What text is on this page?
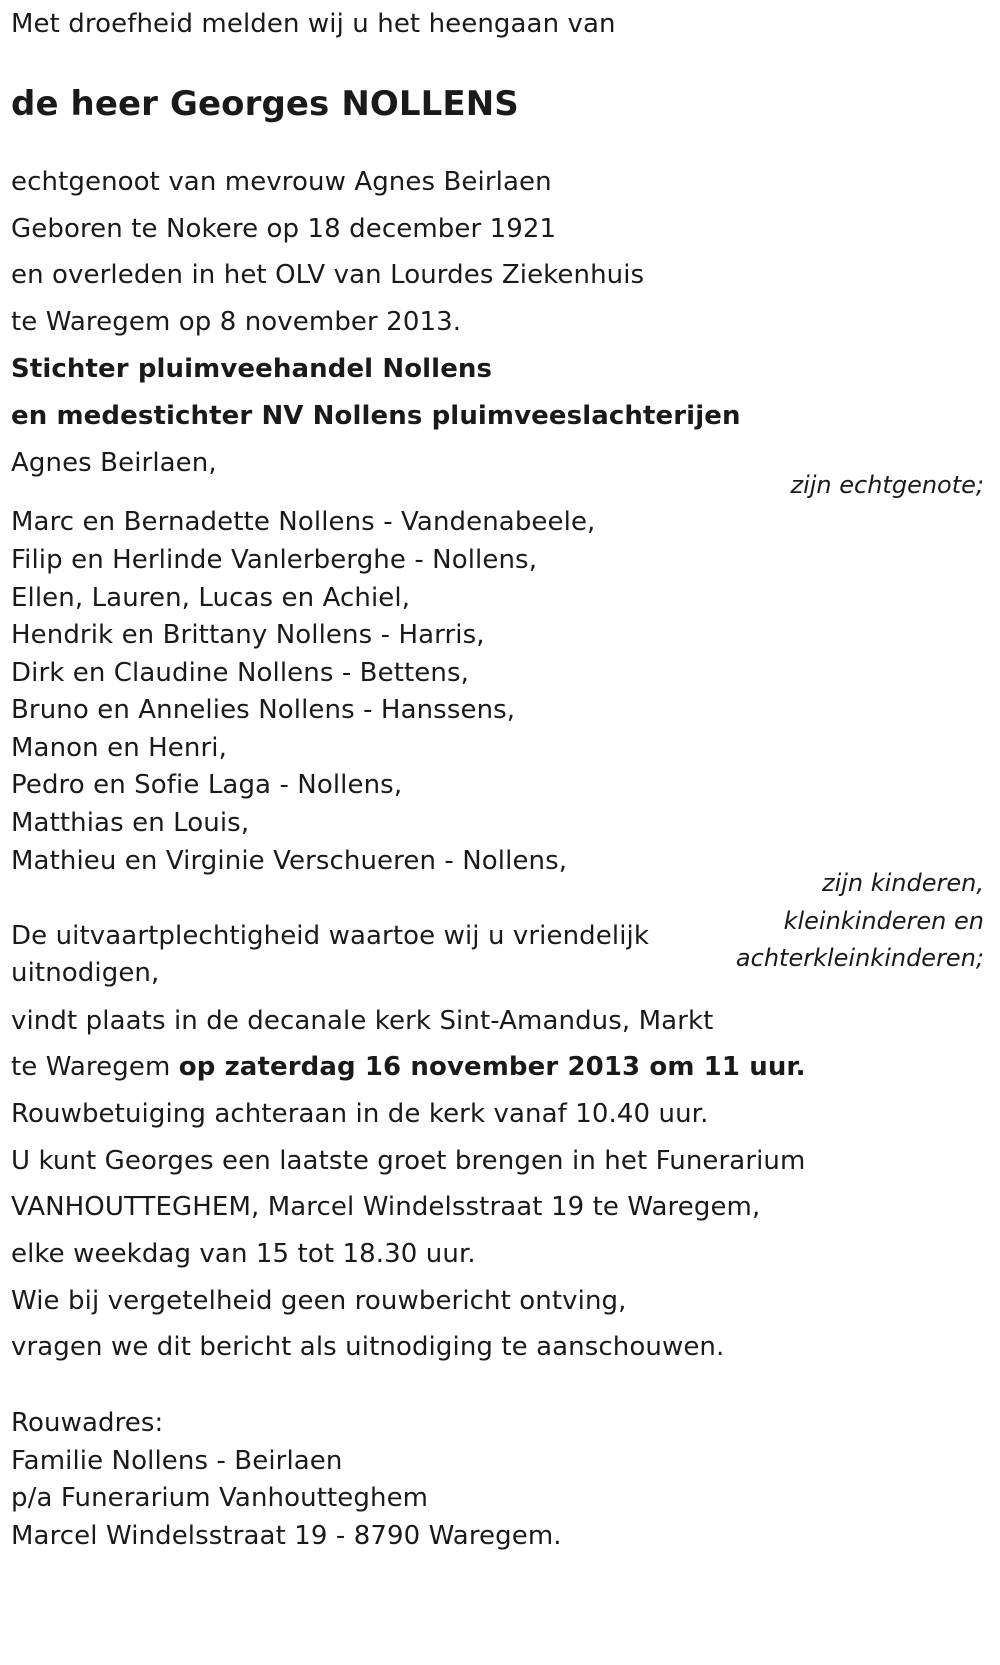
Met droefheid melden wij u het heengaan van

de heer Georges NOLLENS

echtgenoot van mevrouw Agnes Beirlaen

Geboren te Nokere op 18 december 1921

en overleden in het OLV van Lourdes Ziekenhuis

te Waregem op 8 november 2013.

Stichter pluimveehandel Nollens

en medestichter NV Nollens pluimveeslachterijen

Agnes Beirlaen,

zijn echtgenote;

Marc en Bernadette Nollens - Vandenabeele,

Filip en Herlinde Vanlerberghe - Nollens,

Ellen, Lauren, Lucas en Achiel,

Hendrik en Brittany Nollens - Harris,

Dirk en Claudine Nollens - Bettens,

Bruno en Annelies Nollens - Hanssens,

Manon en Henri,

Pedro en Sofie Laga - Nollens,

Matthias en Louis,

Mathieu en Virginie Verschueren - Nollens,

zijn kinderen,

kleinkinderen en

achterkleinkinderen;

De uitvaartplechtigheid waartoe wij u vriendelijk

uitnodigen,

vindt plaats in de decanale kerk Sint-Amandus, Markt

te Waregem op zaterdag 16 november 2013 om 11 uur.

Rouwbetuiging achteraan in de kerk vanaf 10.40 uur.

U kunt Georges een laatste groet brengen in het Funerarium

VANHOUTTEGHEM, Marcel Windelsstraat 19 te Waregem,

elke weekdag van 15 tot 18.30 uur.

Wie bij vergetelheid geen rouwbericht ontving,

vragen we dit bericht als uitnodiging te aanschouwen.

Rouwadres:

Familie Nollens - Beirlaen

p/a Funerarium Vanhoutteghem

Marcel Windelsstraat 19 - 8790 Waregem.
